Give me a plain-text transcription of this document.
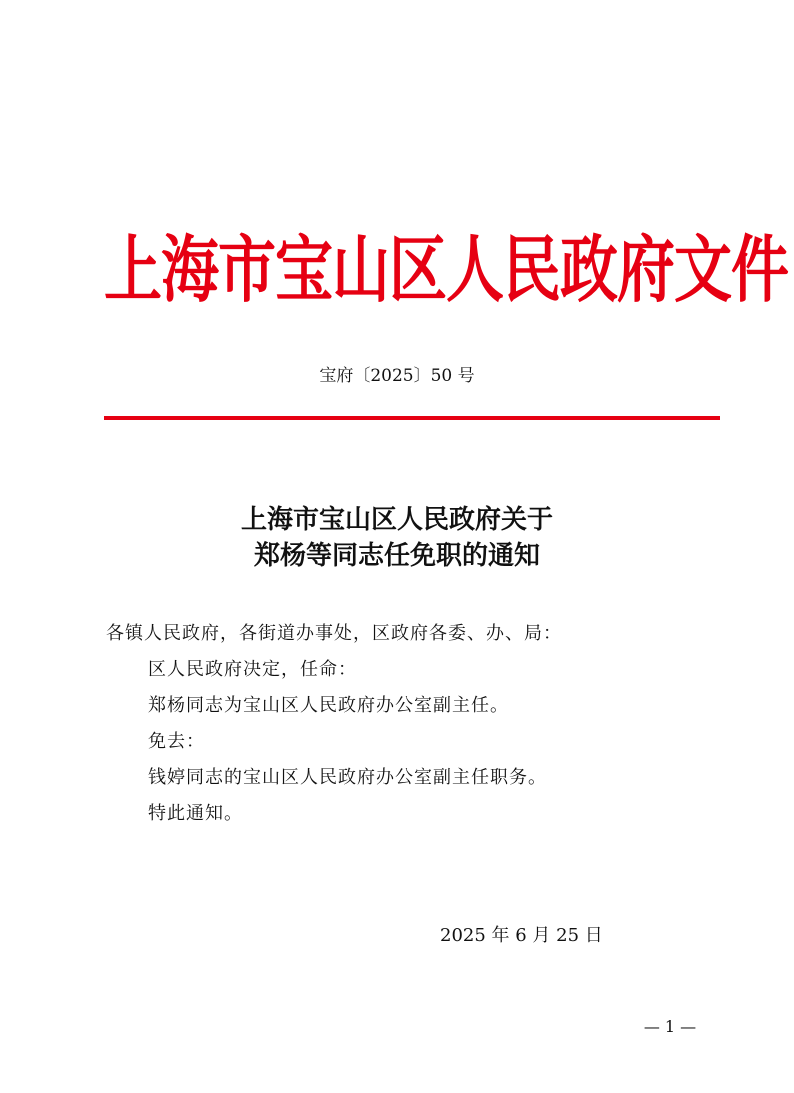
上海市宝山区人民政府文件
宝府〔2025〕50 号
上海市宝山区人民政府关于
郑杨等同志任免职的通知
各镇人民政府，各街道办事处，区政府各委、办、局：
区人民政府决定，任命：
郑杨同志为宝山区人民政府办公室副主任。
免去：
钱婷同志的宝山区人民政府办公室副主任职务。
特此通知。
2025 年 6 月 25 日
— 1 —
